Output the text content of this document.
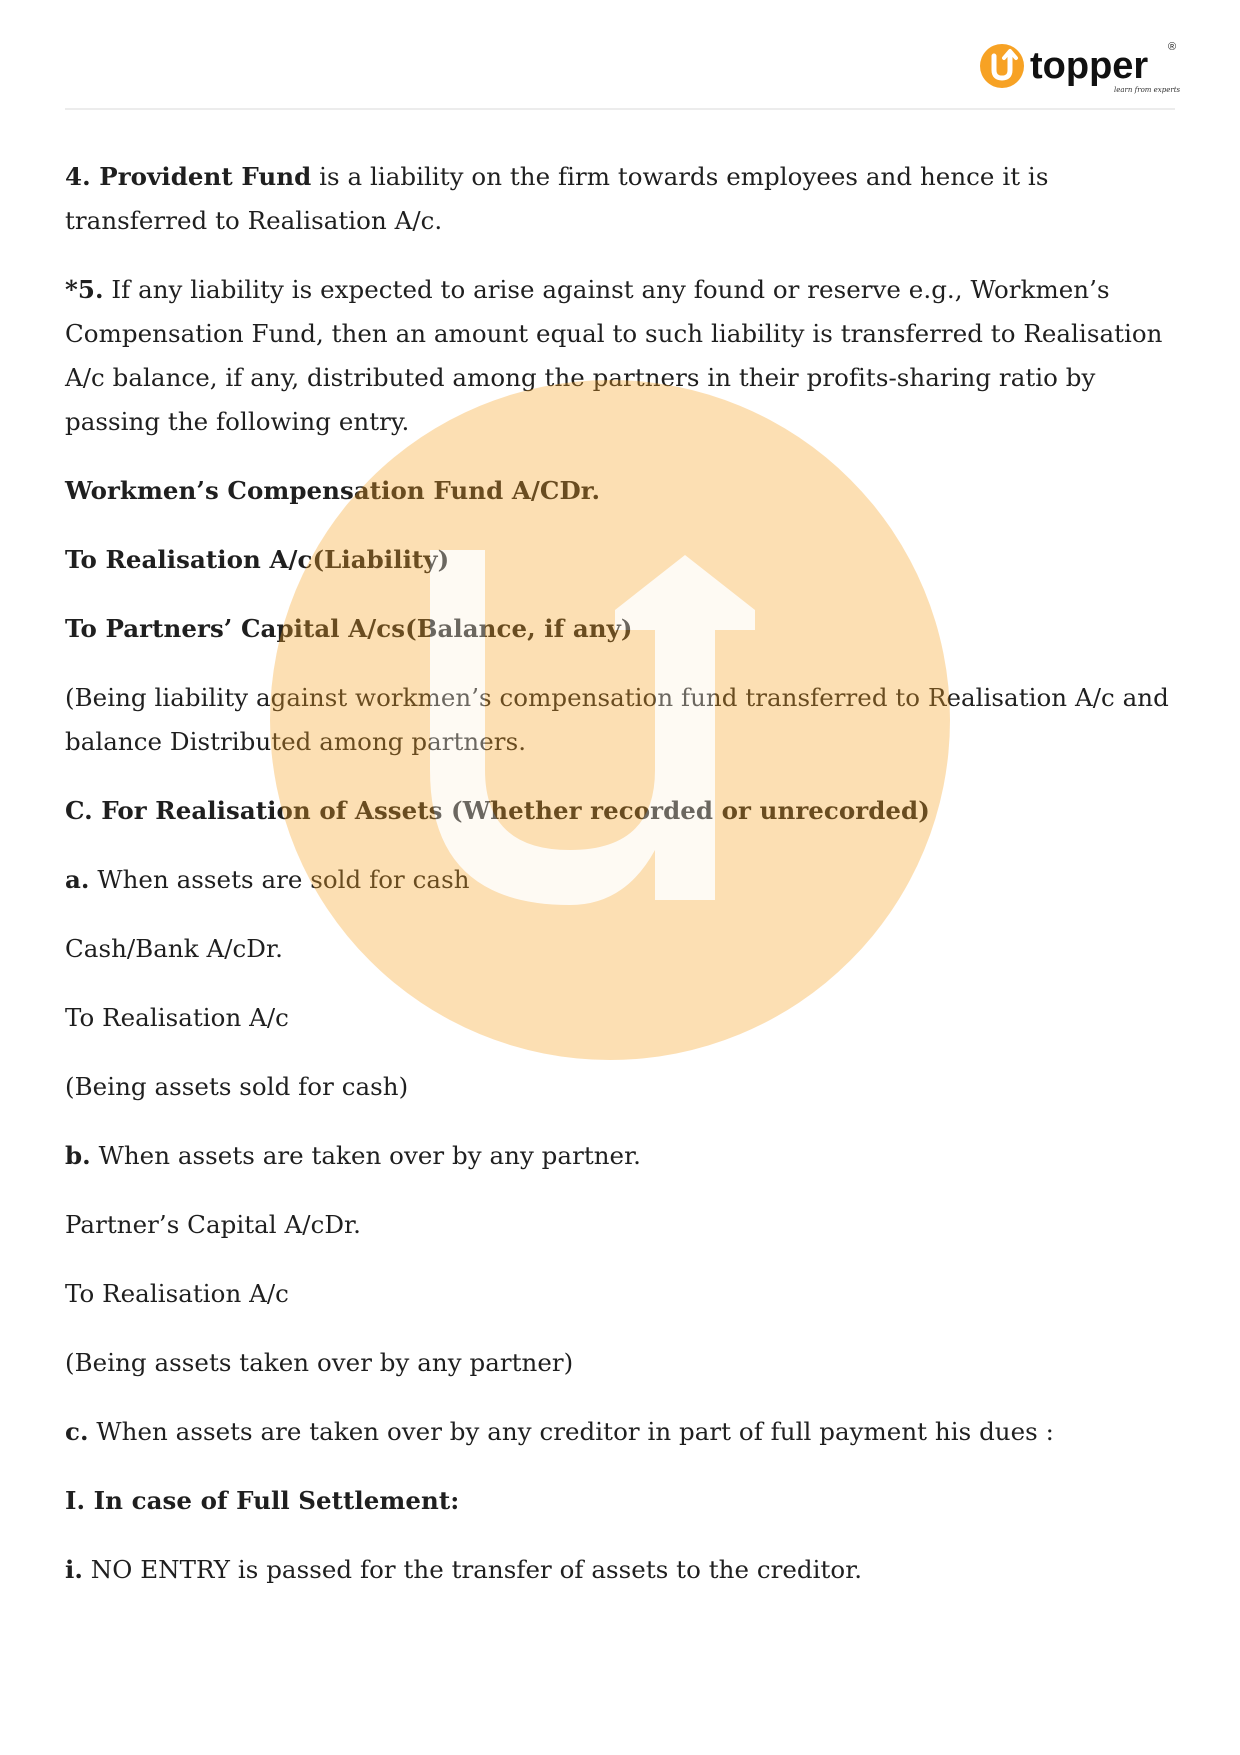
topper ®
learn from experts

4. Provident Fund is a liability on the firm towards employees and hence it is transferred to Realisation A/c.

*5. If any liability is expected to arise against any found or reserve e.g., Workmen’s Compensation Fund, then an amount equal to such liability is transferred to Realisation A/c balance, if any, distributed among the partners in their profits-sharing ratio by passing the following entry.

Workmen’s Compensation Fund A/CDr.

To Realisation A/c(Liability)

To Partners’ Capital A/cs(Balance, if any)

(Being liability against workmen’s compensation fund transferred to Realisation A/c and balance Distributed among partners.

C. For Realisation of Assets (Whether recorded or unrecorded)

a. When assets are sold for cash

Cash/Bank A/cDr.

To Realisation A/c

(Being assets sold for cash)

b. When assets are taken over by any partner.

Partner’s Capital A/cDr.

To Realisation A/c

(Being assets taken over by any partner)

c. When assets are taken over by any creditor in part of full payment his dues :

I. In case of Full Settlement:

i. NO ENTRY is passed for the transfer of assets to the creditor.
